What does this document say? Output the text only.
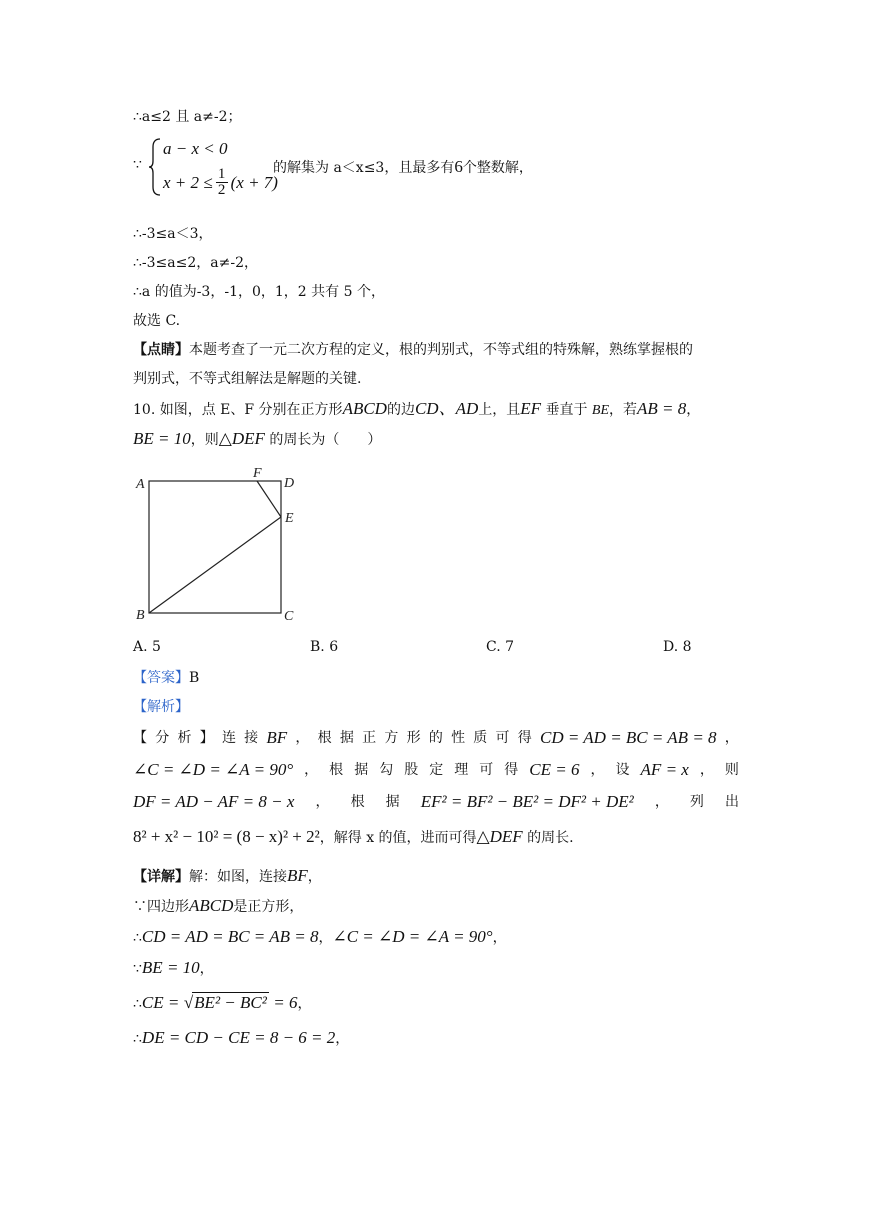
∴a≤2 且 a≠-2；
∵
a − x < 0
$x + 2 \le \frac{1}{2} (x + 7)$
的解集为 a＜x≤3，且最多有6个整数解，
∴-3≤a＜3，
∴-3≤a≤2，a≠-2，
∴a 的值为-3，-1，0，1，2 共有 5 个，
故选 C.
【点睛】本题考查了一元二次方程的定义，根的判别式，不等式组的特殊解，熟练掌握根的
判别式，不等式组解法是解题的关键.
10. 如图，点 E、F 分别在正方形ABCD的边CD、AD上，且EF 垂直于 BE，若AB = 8，
BE = 10，则△DEF 的周长为（　　）
A
F
D
E
B	C
A. 5	B. 6	C. 7	D. 8
【答案】B
【解析】
【 分 析 】 连 接 BF ， 根 据 正 方 形 的 性 质 可 得 CD = AD = BC = AB = 8 ，
∠C = ∠D = ∠A = 90° ， 根 据 勾 股 定 理 可 得 CE = 6 ， 设 AF = x ， 则
DF = AD − AF = 8 − x ， 根 据 EF² = BF² − BE² = DF² + DE² ， 列 出
8² + x² − 10² = (8 − x)² + 2²，解得 x 的值，进而可得△DEF 的周长.
【详解】解：如图，连接BF，
∵四边形ABCD是正方形，
∴CD = AD = BC = AB = 8，∠C = ∠D = ∠A = 90°，
∵BE = 10，
∴CE = √BE² − BC² = 6，
∴DE = CD − CE = 8 − 6 = 2，
